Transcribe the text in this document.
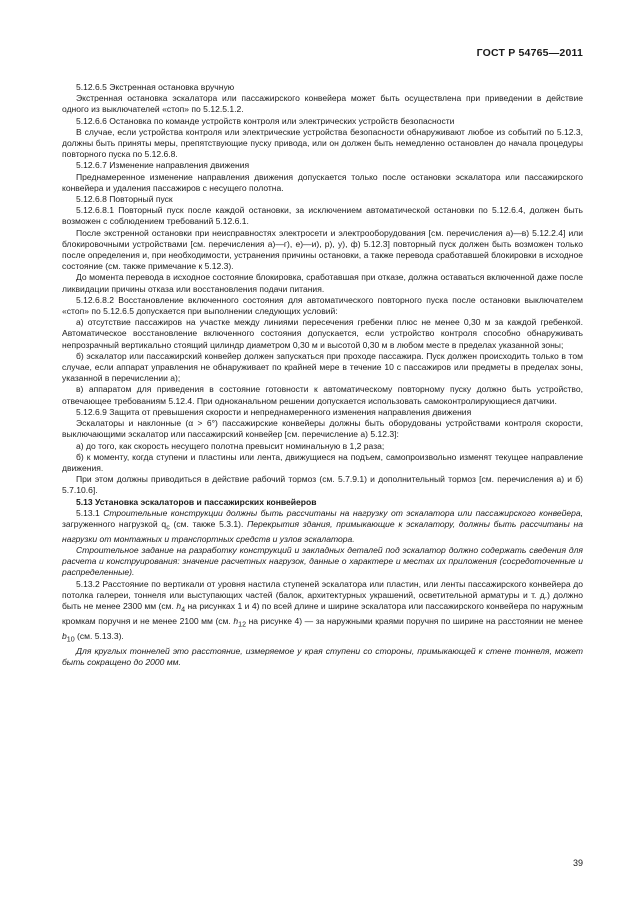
ГОСТ Р 54765—2011

5.12.6.5 Экстренная остановка вручную

Экстренная остановка эскалатора или пассажирского конвейера может быть осуществлена при приведении в действие одного из выключателей «стоп» по 5.12.5.1.2.

5.12.6.6 Остановка по команде устройств контроля или электрических устройств безопасности

В случае, если устройства контроля или электрические устройства безопасности обнаруживают любое из событий по 5.12.3, должны быть приняты меры, препятствующие пуску привода, или он должен быть немедленно остановлен до начала процедуры повторного пуска по 5.12.6.8.

5.12.6.7 Изменение направления движения

Преднамеренное изменение направления движения допускается только после остановки эскалатора или пассажирского конвейера и удаления пассажиров с несущего полотна.

5.12.6.8 Повторный пуск

5.12.6.8.1 Повторный пуск после каждой остановки, за исключением автоматической остановки по 5.12.6.4, должен быть возможен с соблюдением требований 5.12.6.1.

После экстренной остановки при неисправностях электросети и электрооборудования [см. перечисления а)—в) 5.12.2.4] или блокировочными устройствами [см. перечисления а)—г), е)—и), р), у), ф) 5.12.3] повторный пуск должен быть возможен только после определения и, при необходимости, устранения причины остановки, а также перевода сработавшей блокировки в исходное состояние (см. также примечание к 5.12.3).

До момента перевода в исходное состояние блокировка, сработавшая при отказе, должна оставаться включенной даже после ликвидации причины отказа или восстановления подачи питания.

5.12.6.8.2 Восстановление включенного состояния для автоматического повторного пуска после остановки выключателем «стоп» по 5.12.6.5 допускается при выполнении следующих условий:

а) отсутствие пассажиров на участке между линиями пересечения гребенки плюс не менее 0,30 м за каждой гребенкой. Автоматическое восстановление включенного состояния допускается, если устройство контроля способно обнаруживать непрозрачный вертикально стоящий цилиндр диаметром 0,30 м и высотой 0,30 м в любом месте в пределах указанной зоны;

б) эскалатор или пассажирский конвейер должен запускаться при проходе пассажира. Пуск должен происходить только в том случае, если аппарат управления не обнаруживает по крайней мере в течение 10 с пассажиров или предметы в пределах зоны, указанной в перечислении а);

в) аппаратом для приведения в состояние готовности к автоматическому повторному пуску должно быть устройство, отвечающее требованиям 5.12.4. При одноканальном решении допускается использовать самоконтролирующиеся датчики.

5.12.6.9 Защита от превышения скорости и непреднамеренного изменения направления движения

Эскалаторы и наклонные (α > 6°) пассажирские конвейеры должны быть оборудованы устройствами контроля скорости, выключающими эскалатор или пассажирский конвейер [см. перечисление а) 5.12.3]:

а) до того, как скорость несущего полотна превысит номинальную в 1,2 раза;

б) к моменту, когда ступени и пластины или лента, движущиеся на подъем, самопроизвольно изменят текущее направление движения.

При этом должны приводиться в действие рабочий тормоз (см. 5.7.9.1) и дополнительный тормоз [см. перечисления а) и б) 5.7.10.6].

5.13 Установка эскалаторов и пассажирских конвейеров

5.13.1 Строительные конструкции должны быть рассчитаны на нагрузку от эскалатора или пассажирского конвейера, загруженного нагрузкой $q_с$ (см. также 5.3.1). Перекрытия здания, примыкающие к эскалатору, должны быть рассчитаны на нагрузки от монтажных и транспортных средств и узлов эскалатора.

Строительное задание на разработку конструкций и закладных деталей под эскалатор должно содержать сведения для расчета и конструирования: значение расчетных нагрузок, данные о характере и местах их приложения (сосредоточенные и распределенные).

5.13.2 Расстояние по вертикали от уровня настила ступеней эскалатора или пластин, или ленты пассажирского конвейера до потолка галереи, тоннеля или выступающих частей (балок, архитектурных украшений, осветительной арматуры и т. д.) должно быть не менее 2300 мм (см. $h_4$ на рисунках 1 и 4) по всей длине и ширине эскалатора или пассажирского конвейера по наружным кромкам поручня и не менее 2100 мм (см. $h_{12}$ на рисунке 4) — за наружными краями поручня по ширине на расстоянии не менее $b_{10}$ (см. 5.13.3).

Для круглых тоннелей это расстояние, измеряемое у края ступени со стороны, примыкающей к стене тоннеля, может быть сокращено до 2000 мм.

39
